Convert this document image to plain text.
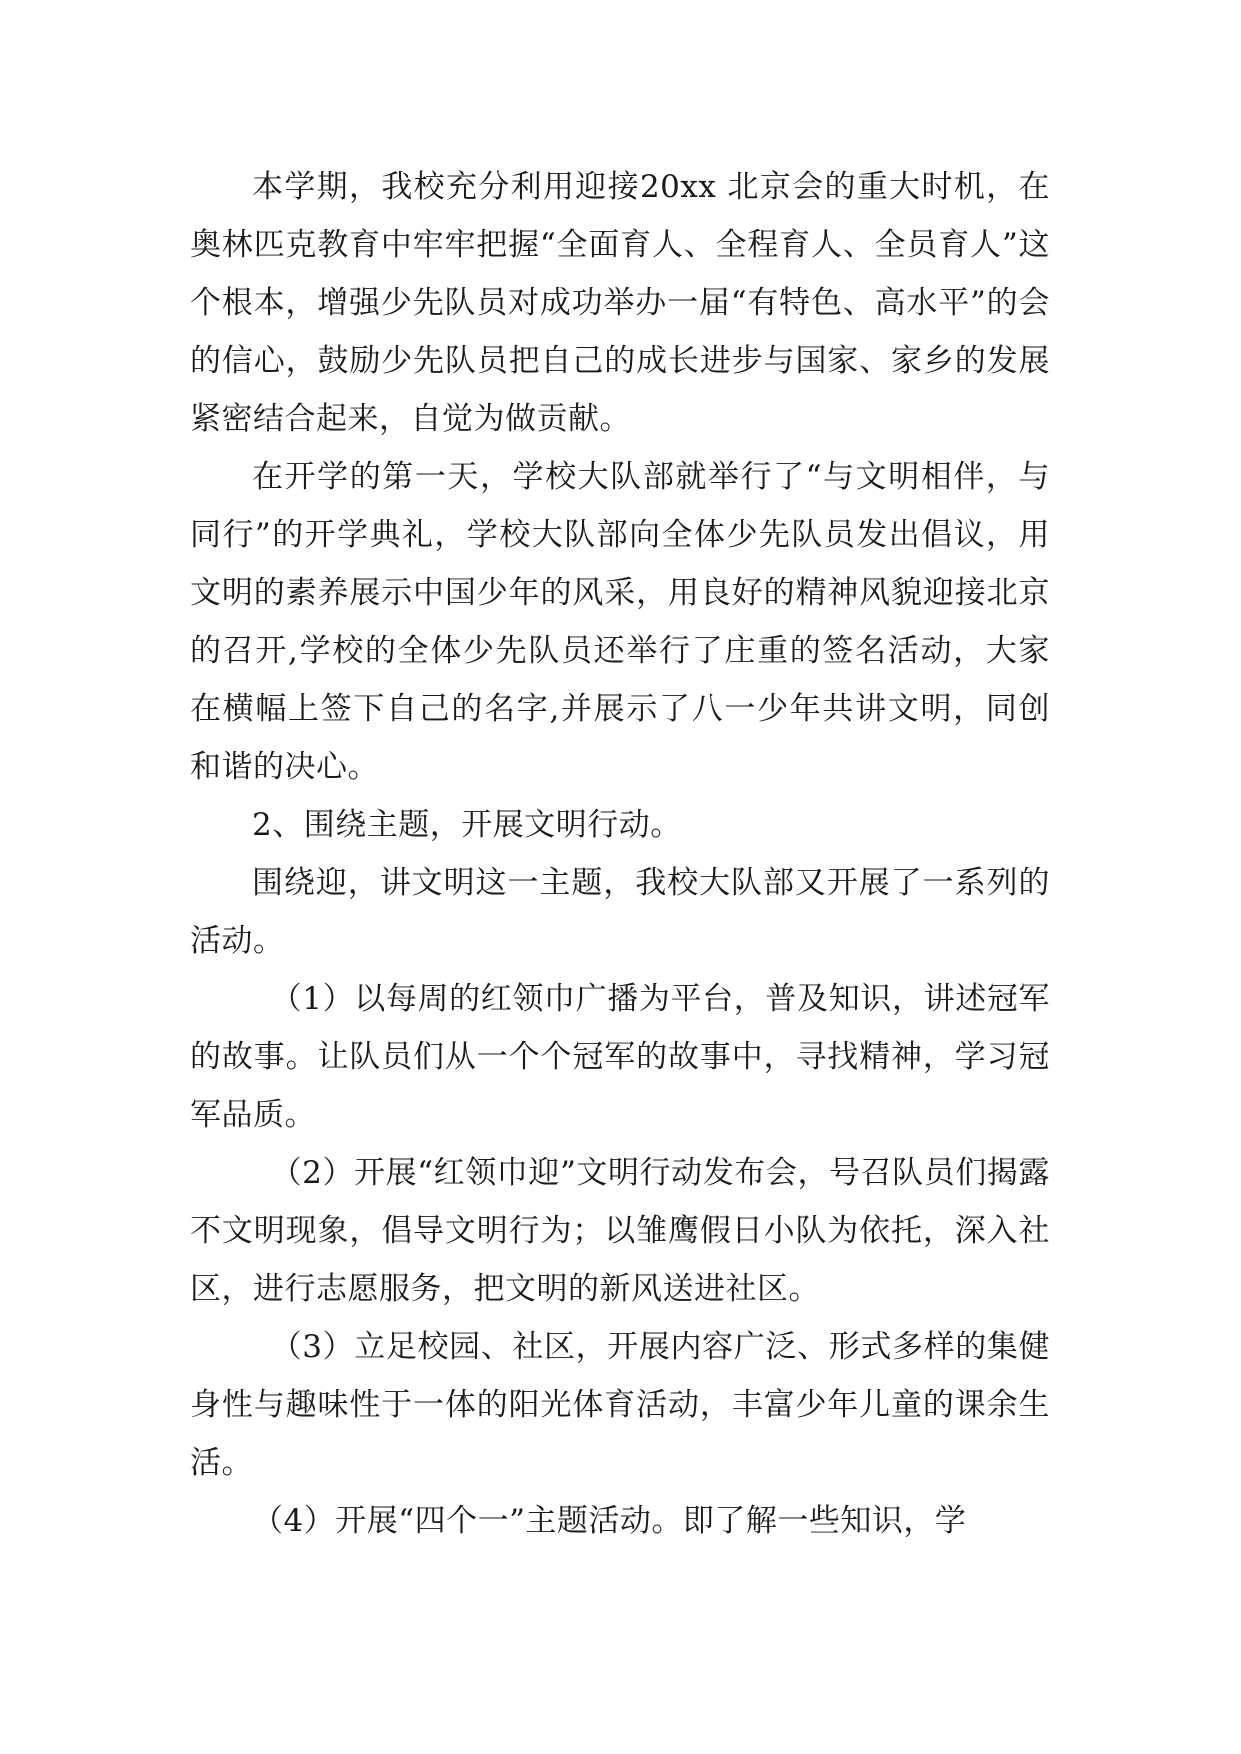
本学期，我校充分利用迎接20xx 北京会的重大时机，在奥林匹克教育中牢牢把握“全面育人、全程育人、全员育人”这个根本，增强少先队员对成功举办一届“有特色、高水平”的会的信心，鼓励少先队员把自己的成长进步与国家、家乡的发展紧密结合起来，自觉为做贡献。

在开学的第一天，学校大队部就举行了“与文明相伴，与同行”的开学典礼，学校大队部向全体少先队员发出倡议，用文明的素养展示中国少年的风采，用良好的精神风貌迎接北京的召开,学校的全体少先队员还举行了庄重的签名活动，大家在横幅上签下自己的名字,并展示了八一少年共讲文明，同创和谐的决心。

2、围绕主题，开展文明行动。

围绕迎，讲文明这一主题，我校大队部又开展了一系列的活动。

（1）以每周的红领巾广播为平台，普及知识，讲述冠军的故事。让队员们从一个个冠军的故事中，寻找精神，学习冠军品质。

（2）开展“红领巾迎”文明行动发布会，号召队员们揭露不文明现象，倡导文明行为；以雏鹰假日小队为依托，深入社区，进行志愿服务，把文明的新风送进社区。

（3）立足校园、社区，开展内容广泛、形式多样的集健身性与趣味性于一体的阳光体育活动，丰富少年儿童的课余生活。

（4）开展“四个一”主题活动。即了解一些知识，学
